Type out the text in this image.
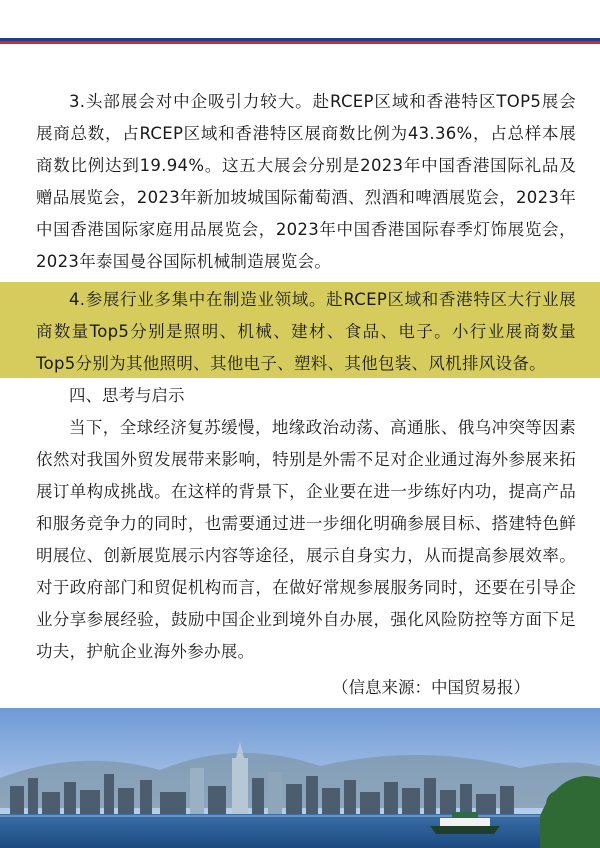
3.头部展会对中企吸引力较大。赴RCEP区域和香港特区TOP5展会展商总数，占RCEP区域和香港特区展商数比例为43.36%，占总样本展商数比例达到19.94%。这五大展会分别是2023年中国香港国际礼品及赠品展览会，2023年新加坡城国际葡萄酒、烈酒和啤酒展览会，2023年中国香港国际家庭用品展览会，2023年中国香港国际春季灯饰展览会，2023年泰国曼谷国际机械制造展览会。

4.参展行业多集中在制造业领域。赴RCEP区域和香港特区大行业展商数量Top5分别是照明、机械、建材、食品、电子。小行业展商数量Top5分别为其他照明、其他电子、塑料、其他包装、风机排风设备。

四、思考与启示

当下，全球经济复苏缓慢，地缘政治动荡、高通胀、俄乌冲突等因素依然对我国外贸发展带来影响，特别是外需不足对企业通过海外参展来拓展订单构成挑战。在这样的背景下，企业要在进一步练好内功，提高产品和服务竞争力的同时，也需要通过进一步细化明确参展目标、搭建特色鲜明展位、创新展览展示内容等途径，展示自身实力，从而提高参展效率。对于政府部门和贸促机构而言，在做好常规参展服务同时，还要在引导企业分享参展经验，鼓励中国企业到境外自办展，强化风险防控等方面下足功夫，护航企业海外参办展。

（信息来源：中国贸易报）
